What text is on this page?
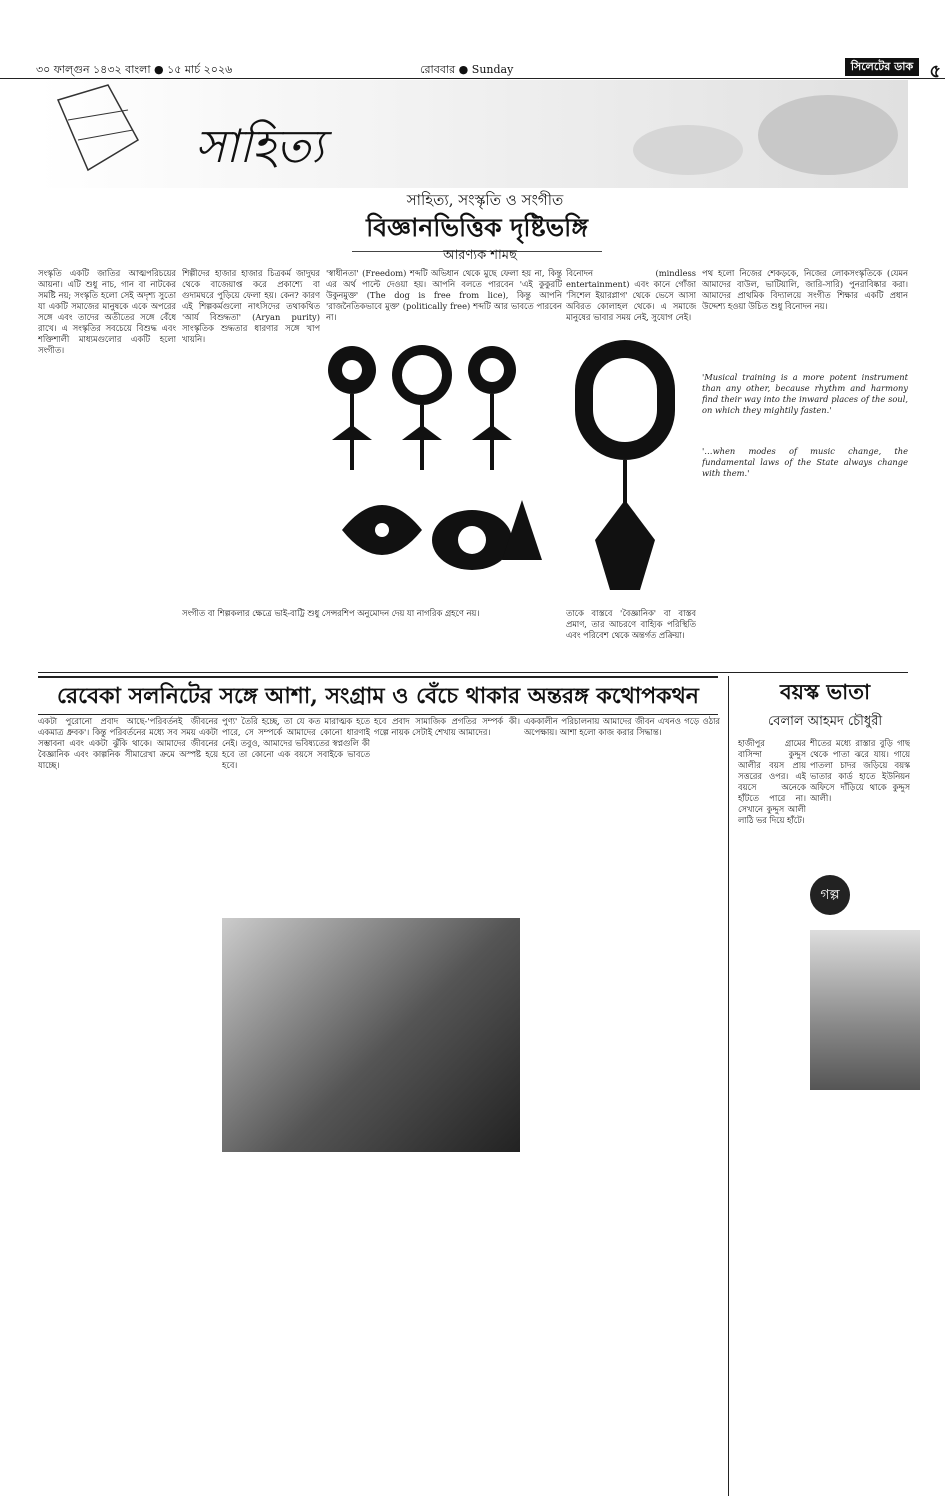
৩০ ফাল্গুন ১৪৩২ বাংলা ● ১৫ মার্চ ২০২৬	রোববার ● Sunday	সিলেটের ডাক ৫
সাহিত্য
সাহিত্য, সংস্কৃতি ও সংগীত
বিজ্ঞানভিত্তিক দৃষ্টিভঙ্গি
আরণ্যক শামছ
সংস্কৃতি একটি জাতির আত্মপরিচয়ের আয়না। এটি শুধু নাচ, গান বা নাটকের সমষ্টি নয়; সংস্কৃতি হলো সেই অদৃশ্য সুতো যা একটি সমাজের মানুষকে একে অপরের সঙ্গে এবং তাদের অতীতের সঙ্গে বেঁধে রাখে। এ সংস্কৃতির সবচেয়ে বিশুদ্ধ এবং শক্তিশালী মাধ্যমগুলোর একটি হলো সংগীত।
শিল্পীদের হাজার হাজার চিত্রকর্ম জাদুঘর থেকে বাজেয়াপ্ত করে প্রকাশ্যে বা গুদামঘরে পুড়িয়ে ফেলা হয়। কেন? কারণ এই শিল্পকর্মগুলো নাৎসিদের তথাকথিত 'আর্য বিশুদ্ধতা' (Aryan purity) সাংস্কৃতিক শুদ্ধতার ধারণার সঙ্গে খাপ খায়নি।
'স্বাধীনতা' (Freedom) শব্দটি অভিধান থেকে মুছে ফেলা হয় না, কিন্তু এর অর্থ পাল্টে দেওয়া হয়। আপনি বলতে পারবেন 'এই কুকুরটি উকুনমুক্ত' (The dog is free from lice), কিন্তু আপনি 'রাজনৈতিকভাবে মুক্ত' (politically free) শব্দটি আর ভাবতে পারবেন না।
বিনোদন (mindless entertainment) এবং কানে গোঁজা 'সিশেল ইয়ারপ্লাগ' থেকে ভেসে আসা অবিরত কোলাহল থেকে। এ সমাজে মানুষের ভাবার সময় নেই, সুযোগ নেই।
পথ হলো নিজের শেকড়কে, নিজের লোকসংস্কৃতিকে (যেমন আমাদের বাউল, ভাটিয়ালি, জারি-সারি) পুনরাবিষ্কার করা। আমাদের প্রাথমিক বিদ্যালয়ে সংগীত শিক্ষার একটি প্রধান উদ্দেশ্য হওয়া উচিত শুধু বিনোদন নয়।
'Musical training is a more potent instrument than any other, because rhythm and harmony find their way into the inward places of the soul, on which they mightily fasten.'
'…when modes of music change, the fundamental laws of the State always change with them.'
সংগীত বা শিল্পকলার ক্ষেত্রে ভাই-বাট্টি শুধু সেন্সরশিপ অনুমোদন দেয় যা নাগরিক গ্রহণে নয়।	তাকে বাস্তবে 'বৈজ্ঞানিক' বা বাস্তব প্রমাণ, তার আচরণে বাহ্যিক পরিস্থিতি এবং পরিবেশ থেকে অন্তর্গত প্রক্রিয়া।
রেবেকা সলনিটের সঙ্গে আশা, সংগ্রাম ও বেঁচে থাকার অন্তরঙ্গ কথোপকথন
একটা পুরোনো প্রবাদ আছে-'পরিবর্তনই জীবনের একমাত্র ধ্রুবক'। কিন্তু পরিবর্তনের মধ্যে সব সময় একটা সম্ভাবনা এবং একটা ঝুঁকি থাকে। আমাদের জীবনের বৈজ্ঞানিক এবং কাল্পনিক সীমারেখা ক্রমে অস্পষ্ট হয়ে যাচ্ছে।
পুণ্য' তৈরি হচ্ছে, তা যে কত মারাত্মক হতে পারে, সে সম্পর্কে আমাদের কোনো ধারণাই নেই। তবুও, আমাদের ভবিষ্যতের স্বপ্নগুলি কী হবে তা কোনো এক বয়সে সবাইকে ভাবতে হবে।
হবে প্রবাদ সামাজিক প্রগতির সম্পর্ক কী। গল্পে নায়ক সেটাই শেখায় আমাদের।
এককালীন পরিচালনায় আমাদের জীবন এখনও গড়ে ওঠার অপেক্ষায়। আশা হলো কাজ করার সিদ্ধান্ত।
বয়স্ক ভাতা
বেলাল আহমদ চৌধুরী
হাজীপুর গ্রামের বাসিন্দা কুদ্দুস আলীর বয়স প্রায় সত্তরের ওপর। এই বয়সে অনেকে হাঁটতে পারে না। সেখানে কুদ্দুস আলী লাঠি ভর দিয়ে হাঁটে।
শীতের মধ্যে রাস্তার বুড়ি গাছ থেকে পাতা ঝরে যায়। গায়ে পাতলা চাদর জড়িয়ে বয়স্ক ভাতার কার্ড হাতে ইউনিয়ন অফিসে দাঁড়িয়ে থাকে কুদ্দুস আলী।
গল্প
